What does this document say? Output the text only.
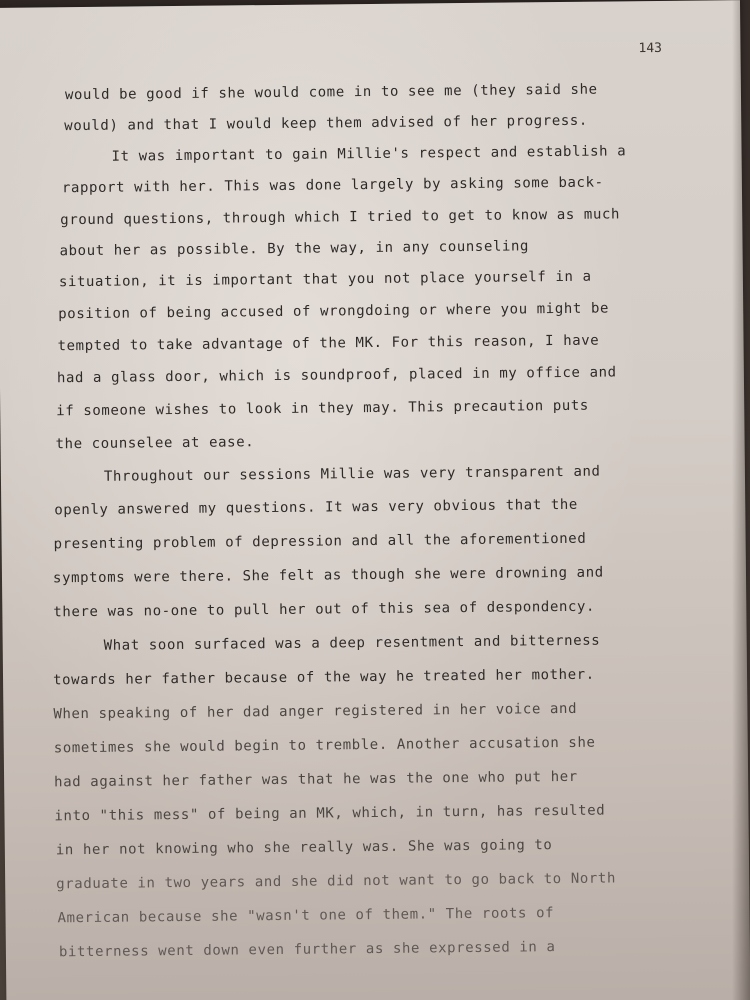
143
would be good if she would come in to see me (they said she
would) and that I would keep them advised of her progress.
It was important to gain Millie's respect and establish a
rapport with her. This was done largely by asking some back-
ground questions, through which I tried to get to know as much
about her as possible. By the way, in any counseling
situation, it is important that you not place yourself in a
position of being accused of wrongdoing or where you might be
tempted to take advantage of the MK. For this reason, I have
had a glass door, which is soundproof, placed in my office and
if someone wishes to look in they may. This precaution puts
the counselee at ease.
Throughout our sessions Millie was very transparent and
openly answered my questions. It was very obvious that the
presenting problem of depression and all the aforementioned
symptoms were there. She felt as though she were drowning and
there was no-one to pull her out of this sea of despondency.
What soon surfaced was a deep resentment and bitterness
towards her father because of the way he treated her mother.
When speaking of her dad anger registered in her voice and
sometimes she would begin to tremble. Another accusation she
had against her father was that he was the one who put her
into "this mess" of being an MK, which, in turn, has resulted
in her not knowing who she really was. She was going to
graduate in two years and she did not want to go back to North
American because she "wasn't one of them." The roots of
bitterness went down even further as she expressed in a
